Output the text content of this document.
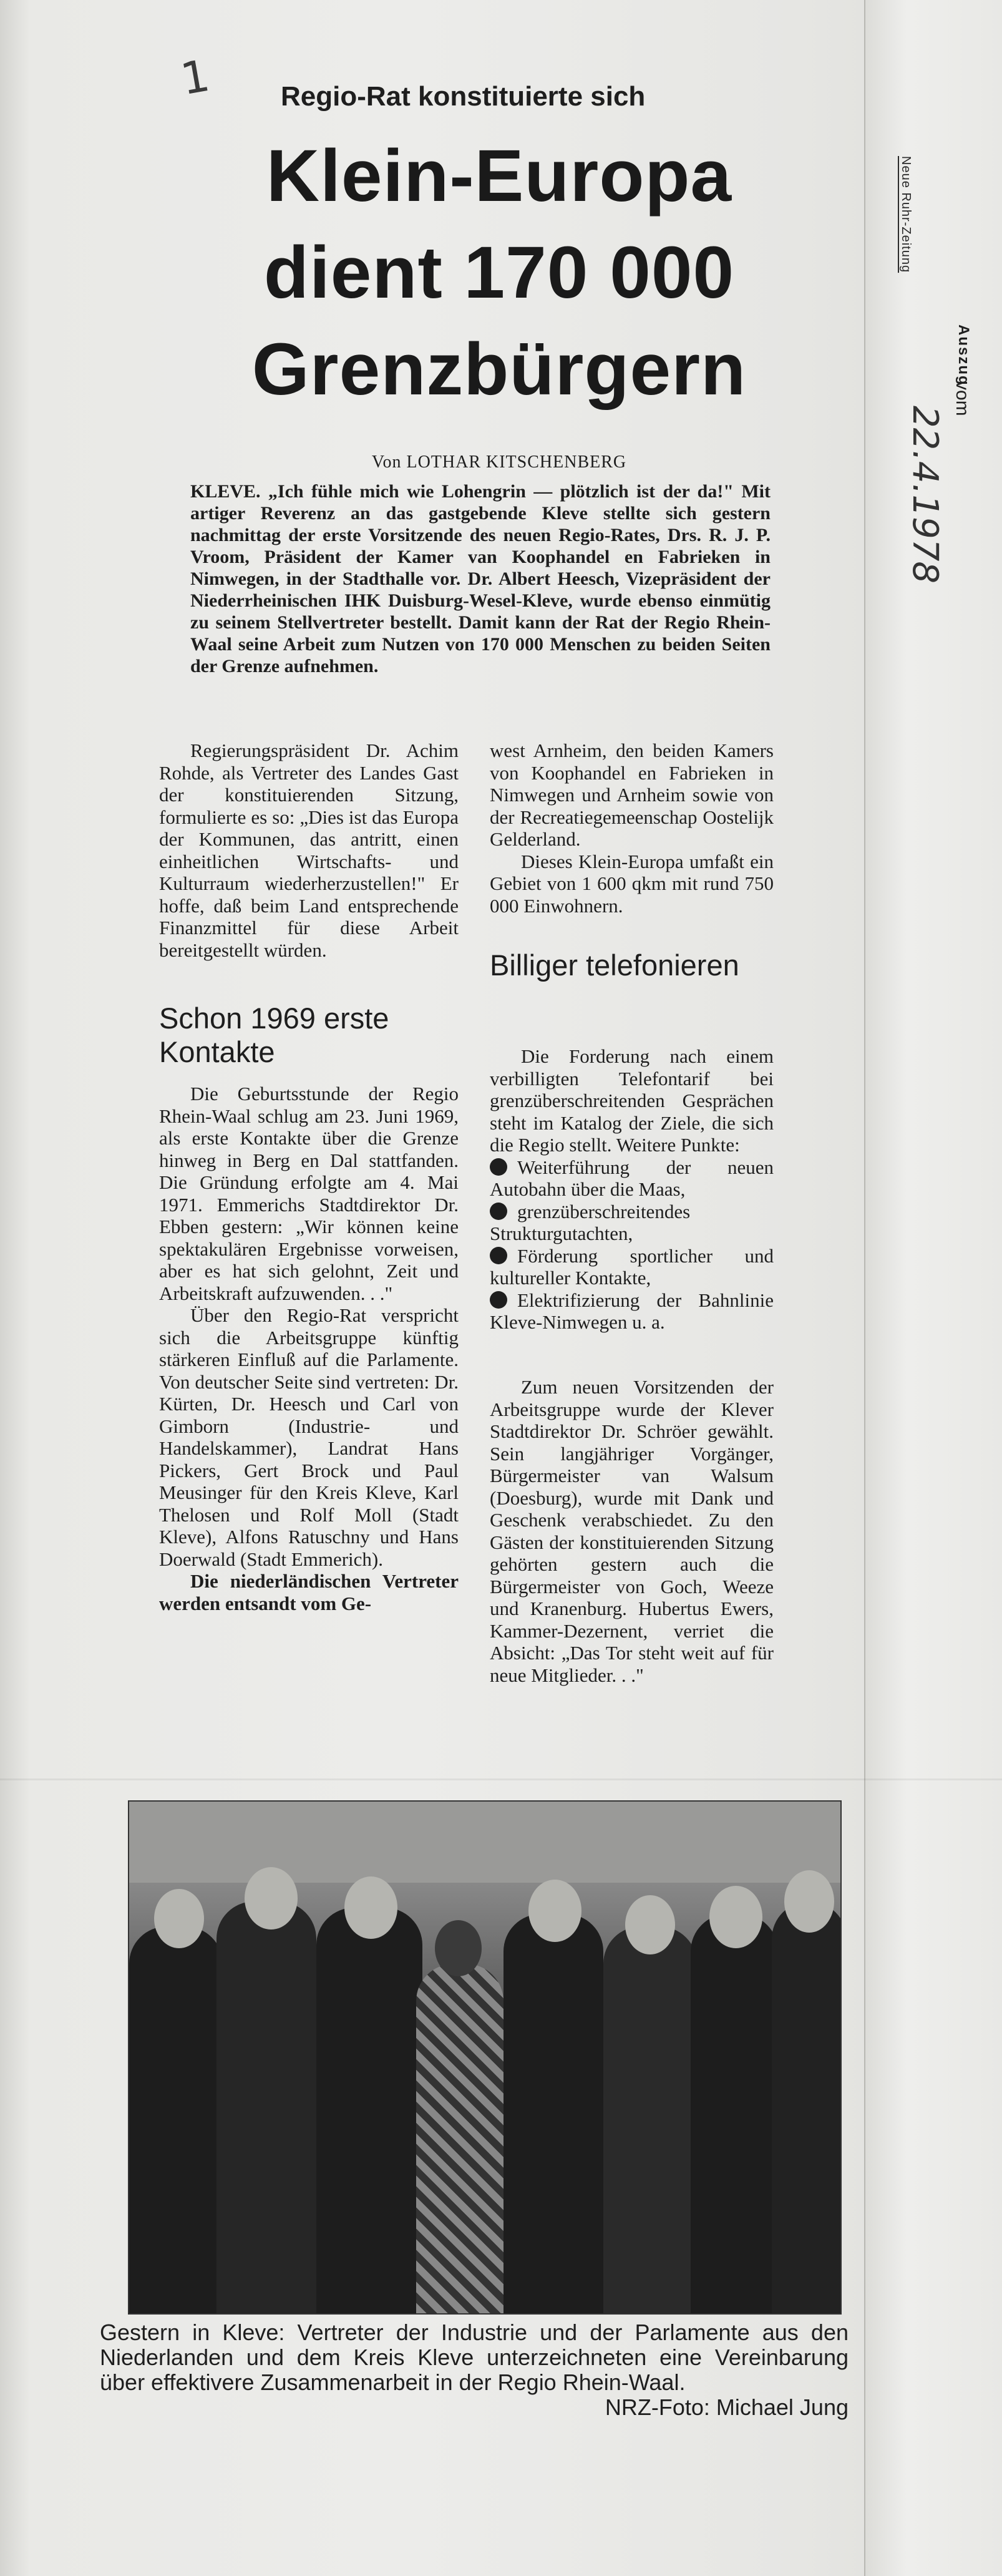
1	Regio-Rat konstituierte sich
Klein-Europa
dient 170 000
Grenzbürgern
Von LOTHAR KITSCHENBERG
KLEVE. „Ich fühle mich wie Lohengrin — plötzlich ist der da!" Mit artiger Reverenz an das gastgebende Kleve stellte sich gestern nachmittag der erste Vorsitzende des neuen Regio-Rates, Drs. R. J. P. Vroom, Präsident der Kamer van Koophandel en Fabrieken in Nimwegen, in der Stadthalle vor. Dr. Albert Heesch, Vizepräsident der Niederrheinischen IHK Duisburg-Wesel-Kleve, wurde ebenso einmütig zu seinem Stellvertreter bestellt. Damit kann der Rat der Regio Rhein-Waal seine Arbeit zum Nutzen von 170 000 Menschen zu beiden Seiten der Grenze aufnehmen.

Regierungspräsident Dr. Achim Rohde, als Vertreter des Landes Gast der konstituierenden Sitzung, formulierte es so: „Dies ist das Europa der Kommunen, das antritt, einen einheitlichen Wirtschafts- und Kulturraum wiederherzustellen!" Er hoffe, daß beim Land entsprechende Finanzmittel für diese Arbeit bereitgestellt würden.

Schon 1969 erste Kontakte

Die Geburtsstunde der Regio Rhein-Waal schlug am 23. Juni 1969, als erste Kontakte über die Grenze hinweg in Berg en Dal stattfanden. Die Gründung erfolgte am 4. Mai 1971. Emmerichs Stadtdirektor Dr. Ebben gestern: „Wir können keine spektakulären Ergebnisse vorweisen, aber es hat sich gelohnt, Zeit und Arbeitskraft aufzuwenden. . ."

Über den Regio-Rat verspricht sich die Arbeitsgruppe künftig stärkeren Einfluß auf die Parlamente. Von deutscher Seite sind vertreten: Dr. Kürten, Dr. Heesch und Carl von Gimborn (Industrie- und Handelskammer), Landrat Hans Pickers, Gert Brock und Paul Meusinger für den Kreis Kleve, Karl Thelosen und Rolf Moll (Stadt Kleve), Alfons Ratuschny und Hans Doerwald (Stadt Emmerich).

Die niederländischen Vertreter werden entsandt vom Ge-

west Arnheim, den beiden Kamers von Koophandel en Fabrieken in Nimwegen und Arnheim sowie von der Recreatiegemeenschap Oostelijk Gelderland.

Dieses Klein-Europa umfaßt ein Gebiet von 1 600 qkm mit rund 750 000 Einwohnern.

Billiger telefonieren

Die Forderung nach einem verbilligten Telefontarif bei grenzüberschreitenden Gesprächen steht im Katalog der Ziele, die sich die Regio stellt. Weitere Punkte:

Weiterführung der neuen Autobahn über die Maas,
grenzüberschreitendes Strukturgutachten,
Förderung sportlicher und kultureller Kontakte,
Elektrifizierung der Bahnlinie Kleve-Nimwegen u. a.

Zum neuen Vorsitzenden der Arbeitsgruppe wurde der Klever Stadtdirektor Dr. Schröer gewählt. Sein langjähriger Vorgänger, Bürgermeister van Walsum (Doesburg), wurde mit Dank und Geschenk verabschiedet. Zu den Gästen der konstituierenden Sitzung gehörten gestern auch die Bürgermeister von Goch, Weeze und Kranenburg. Hubertus Ewers, Kammer-Dezernent, verriet die Absicht: „Das Tor steht weit auf für neue Mitglieder. . ."

Gestern in Kleve: Vertreter der Industrie und der Parlamente aus den Niederlanden und dem Kreis Kleve unterzeichneten eine Vereinbarung über effektivere Zusammenarbeit in der Regio Rhein-Waal.
NRZ-Foto: Michael Jung
Neue Ruhr-Zeitung
Auszug
vom
22.4.1978
